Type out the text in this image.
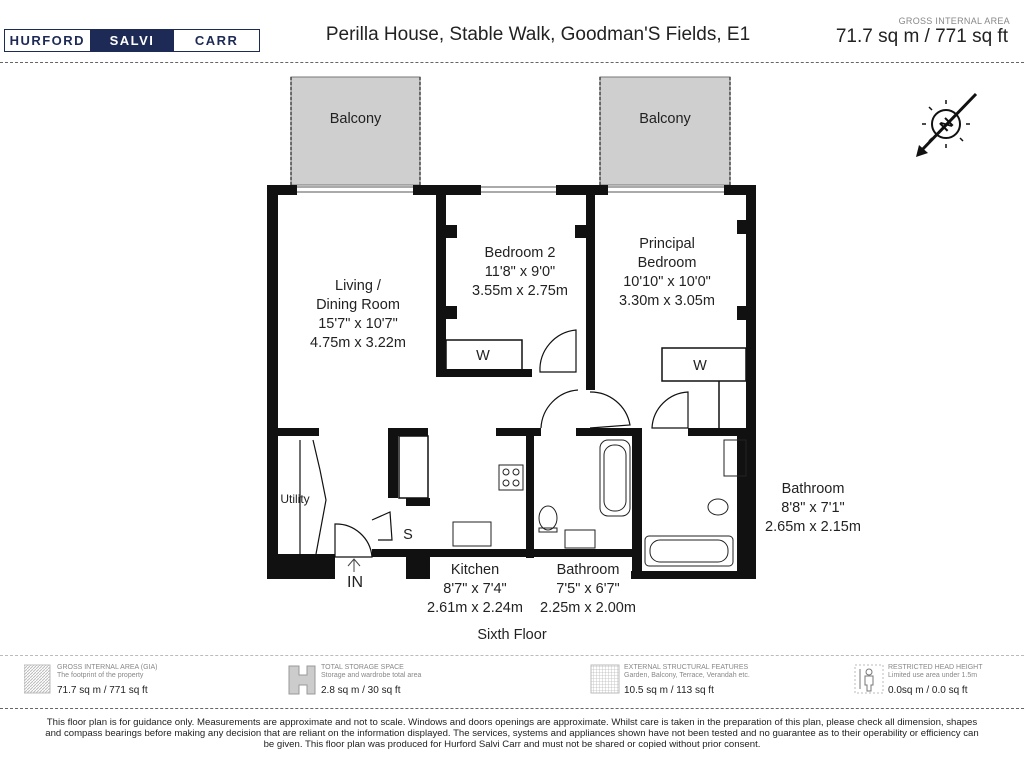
HURFORD	SALVI	CARR	Perilla House, Stable Walk, Goodman'S Fields, E1
GROSS INTERNAL AREA
71.7 sq m / 771 sq ft
N
Balcony	Balcony
Living /
Dining Room
15'7" x 10'7"
4.75m x 3.22m
Bedroom 2
11'8" x 9'0"
3.55m x 2.75m
Principal
Bedroom
10'10" x 10'0"
3.30m x 3.05m
Bathroom
8'8" x 7'1"
2.65m x 2.15m
Kitchen
8'7" x 7'4"
2.61m x 2.24m
Bathroom
7'5" x 6'7"
2.25m x 2.00m
Utility
W
W
S
IN
Sixth Floor
GROSS INTERNAL AREA (GIA)
The footprint of the property
71.7 sq m / 771 sq ft
TOTAL STORAGE SPACE
Storage and wardrobe total area
2.8 sq m / 30 sq ft
EXTERNAL STRUCTURAL FEATURES
Garden, Balcony, Terrace, Verandah etc.
10.5 sq m / 113 sq ft
RESTRICTED HEAD HEIGHT
Limited use area under 1.5m
0.0sq m / 0.0 sq ft
This floor plan is for guidance only. Measurements are approximate and not to scale. Windows and doors openings are approximate. Whilst care is taken in the preparation of this plan, please check all dimension, shapes and compass bearings before making any decision that are reliant on the information displayed. The services, systems and appliances shown have not been tested and no guarantee as to their operability or efficiency can be given. This floor plan was produced for Hurford Salvi Carr and must not be shared or copied without prior consent.
